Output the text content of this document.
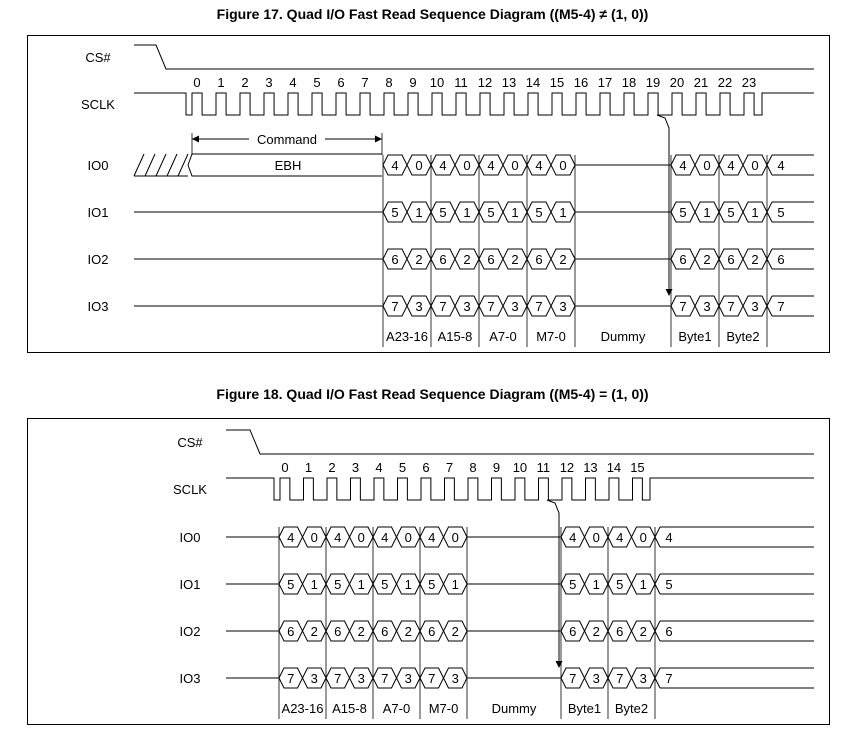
Figure 17. Quad I/O Fast Read Sequence Diagram ((M5-4) ≠ (1, 0))
Figure 18. Quad I/O Fast Read Sequence Diagram ((M5-4) = (1, 0))
CS#
SCLK
IO0
IO1
IO2
IO3
0 1 2 3 4 5 6 7 8 9 10 11 12 13 14 15 16 17 18 19 20 21 22 23
EBH	4 0 4 0 4 0 4 0	4 0 4 0 4
5 1 5 1 5 1 5 1	5 1 5 1 5
6 2 6 2 6 2 6 2	6 2 6 2 6
7 3 7 3 7 3 7 3	7 3 7 3 7
A23-16 A15-8 A7-0 M7-0	Dummy	Byte1 Byte2
Command
CS#
SCLK
IO0
IO1
IO2
IO3
0 1 2 3 4 5 6 7 8 9 10 11 12 13 14 15
4 0 4 0 4 0 4 0	4 0 4 0 4
5 1 5 1 5 1 5 1	5 1 5 1 5
6 2 6 2 6 2 6 2	6 2 6 2 6
7 3 7 3 7 3 7 3	7 3 7 3 7
A23-16 A15-8 A7-0 M7-0	Dummy Byte1 Byte2
